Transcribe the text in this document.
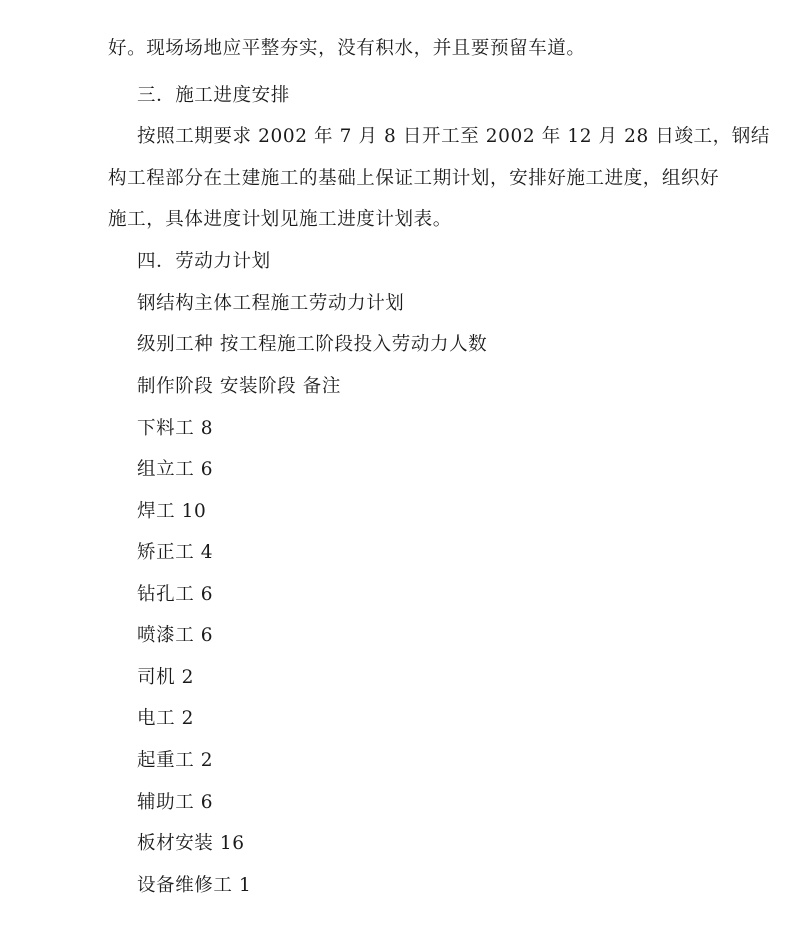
好。现场场地应平整夯实，没有积水，并且要预留车道。
三．施工进度安排
按照工期要求 2002 年 7 月 8 日开工至 2002 年 12 月 28 日竣工，钢结
构工程部分在土建施工的基础上保证工期计划，安排好施工进度，组织好
施工，具体进度计划见施工进度计划表。
四．劳动力计划
钢结构主体工程施工劳动力计划
级别工种 按工程施工阶段投入劳动力人数
制作阶段 安装阶段 备注
下料工 8
组立工 6
焊工 10
矫正工 4
钻孔工 6
喷漆工 6
司机 2
电工 2
起重工 2
辅助工 6
板材安装 16
设备维修工 1
